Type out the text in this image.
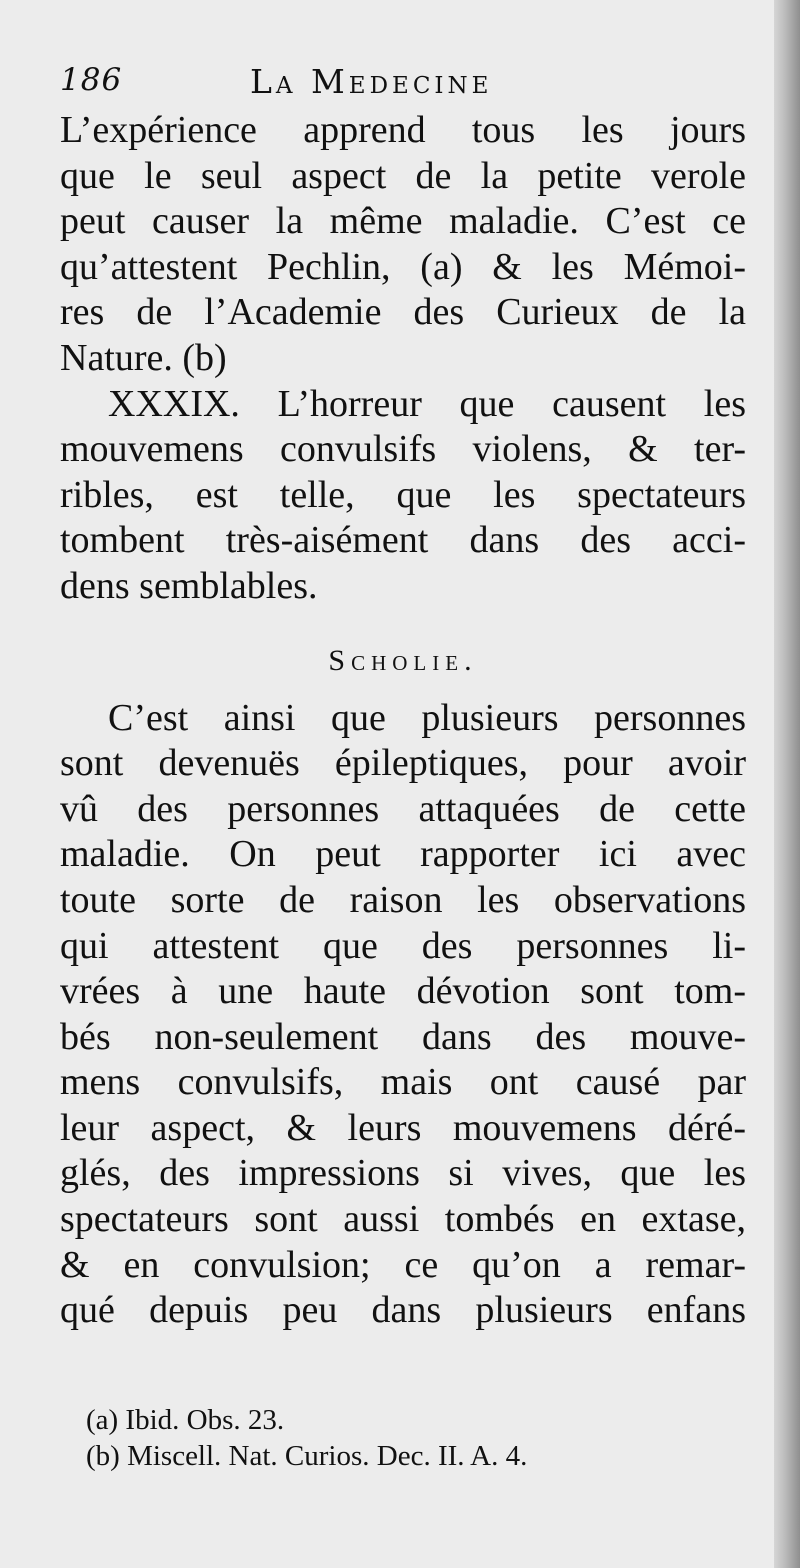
186	La Medecine
L’expérience apprend tous les jours
que le seul aspect de la petite verole
peut causer la même maladie. C’est ce
qu’attestent Pechlin, (a) & les Mémoi-
res de l’Academie des Curieux de la
Nature. (b)
XXXIX. L’horreur que causent les
mouvemens convulsifs violens, & ter-
ribles, est telle, que les spectateurs
tombent très-aisément dans des acci-
dens semblables.
Scholie.
C’est ainsi que plusieurs personnes
sont devenuës épileptiques, pour avoir
vû des personnes attaquées de cette
maladie. On peut rapporter ici avec
toute sorte de raison les observations
qui attestent que des personnes li-
vrées à une haute dévotion sont tom-
bés non-seulement dans des mouve-
mens convulsifs, mais ont causé par
leur aspect, & leurs mouvemens déré-
glés, des impressions si vives, que les
spectateurs sont aussi tombés en extase,
& en convulsion; ce qu’on a remar-
qué depuis peu dans plusieurs enfans
(a) Ibid. Obs. 23.
(b) Miscell. Nat. Curios. Dec. II. A. 4.
